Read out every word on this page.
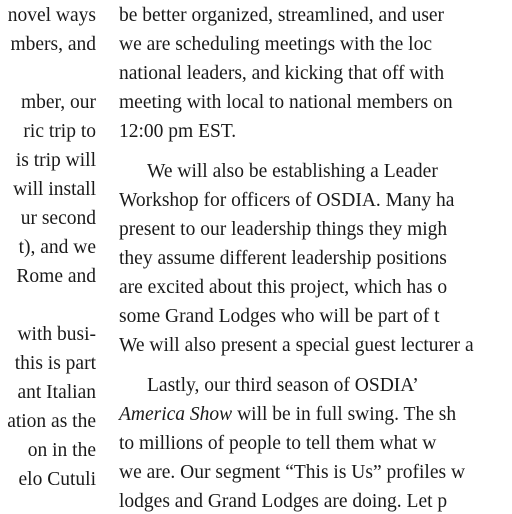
novel ways
mbers, and
mber, our
ric trip to
is trip will
will install
ur second
t), and we
Rome and
with busi-
this is part
ant Italian
ation as the
on in the
elo Cutuli
be better organized, streamlined, and user
we are scheduling meetings with the loc
national leaders, and kicking that off with
meeting with local to national members on
12:00 pm EST.
We will also be establishing a Leader
Workshop for officers of OSDIA. Many ha
present to our leadership things they migh
they assume different leadership positions
are excited about this project, which has o
some Grand Lodges who will be part of t
We will also present a special guest lecturer a
Lastly, our third season of OSDIA’
America Show will be in full swing. The sh
to millions of people to tell them what w
we are. Our segment “This is Us” profiles w
lodges and Grand Lodges are doing. Let p
